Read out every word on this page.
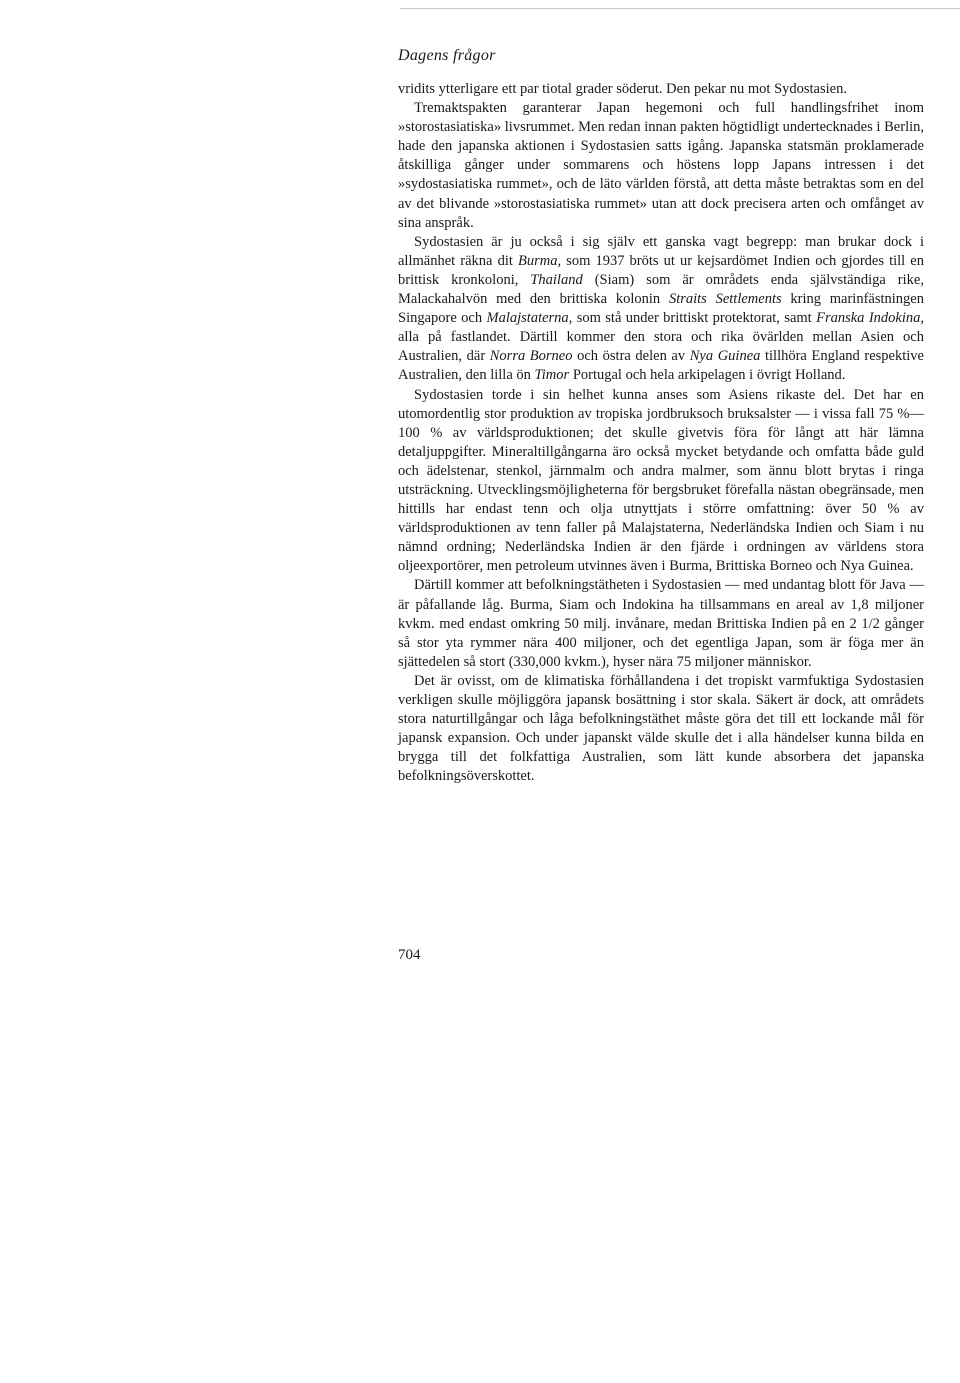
Dagens frågor

vridits ytterligare ett par tiotal grader söderut. Den pekar nu mot Sydostasien.

Tremaktspakten garanterar Japan hegemoni och full handlingsfrihet inom »storostasiatiska» livsrummet. Men redan innan pakten högtidligt undertecknades i Berlin, hade den japanska aktionen i Sydostasien satts igång. Japanska statsmän proklamerade åtskilliga gånger under sommarens och höstens lopp Japans intressen i det »sydostasiatiska rummet», och de läto världen förstå, att detta måste betraktas som en del av det blivande »storostasiatiska rummet» utan att dock precisera arten och omfånget av sina anspråk.

Sydostasien är ju också i sig själv ett ganska vagt begrepp: man brukar dock i allmänhet räkna dit Burma, som 1937 bröts ut ur kejsardömet Indien och gjordes till en brittisk kronkoloni, Thailand (Siam) som är områdets enda självständiga rike, Malackahalvön med den brittiska kolonin Straits Settlements kring marinfästningen Singapore och Malajstaterna, som stå under brittiskt protektorat, samt Franska Indokina, alla på fastlandet. Därtill kommer den stora och rika övärlden mellan Asien och Australien, där Norra Borneo och östra delen av Nya Guinea tillhöra England respektive Australien, den lilla ön Timor Portugal och hela arkipelagen i övrigt Holland.

Sydostasien torde i sin helhet kunna anses som Asiens rikaste del. Det har en utomordentlig stor produktion av tropiska jordbruksoch bruksalster — i vissa fall 75 %—100 % av världsproduktionen; det skulle givetvis föra för långt att här lämna detaljuppgifter. Mineraltillgångarna äro också mycket betydande och omfatta både guld och ädelstenar, stenkol, järnmalm och andra malmer, som ännu blott brytas i ringa utsträckning. Utvecklingsmöjligheterna för bergsbruket förefalla nästan obegränsade, men hittills har endast tenn och olja utnyttjats i större omfattning: över 50 % av världsproduktionen av tenn faller på Malajstaterna, Nederländska Indien och Siam i nu nämnd ordning; Nederländska Indien är den fjärde i ordningen av världens stora oljeexportörer, men petroleum utvinnes även i Burma, Brittiska Borneo och Nya Guinea.

Därtill kommer att befolkningstätheten i Sydostasien — med undantag blott för Java — är påfallande låg. Burma, Siam och Indokina ha tillsammans en areal av 1,8 miljoner kvkm. med endast omkring 50 milj. invånare, medan Brittiska Indien på en 2 1/2 gånger så stor yta rymmer nära 400 miljoner, och det egentliga Japan, som är föga mer än sjättedelen så stort (330,000 kvkm.), hyser nära 75 miljoner människor.

Det är ovisst, om de klimatiska förhållandena i det tropiskt varmfuktiga Sydostasien verkligen skulle möjliggöra japansk bosättning i stor skala. Säkert är dock, att områdets stora naturtillgångar och låga befolkningstäthet måste göra det till ett lockande mål för japansk expansion. Och under japanskt välde skulle det i alla händelser kunna bilda en brygga till det folkfattiga Australien, som lätt kunde absorbera det japanska befolkningsöverskottet.

704
